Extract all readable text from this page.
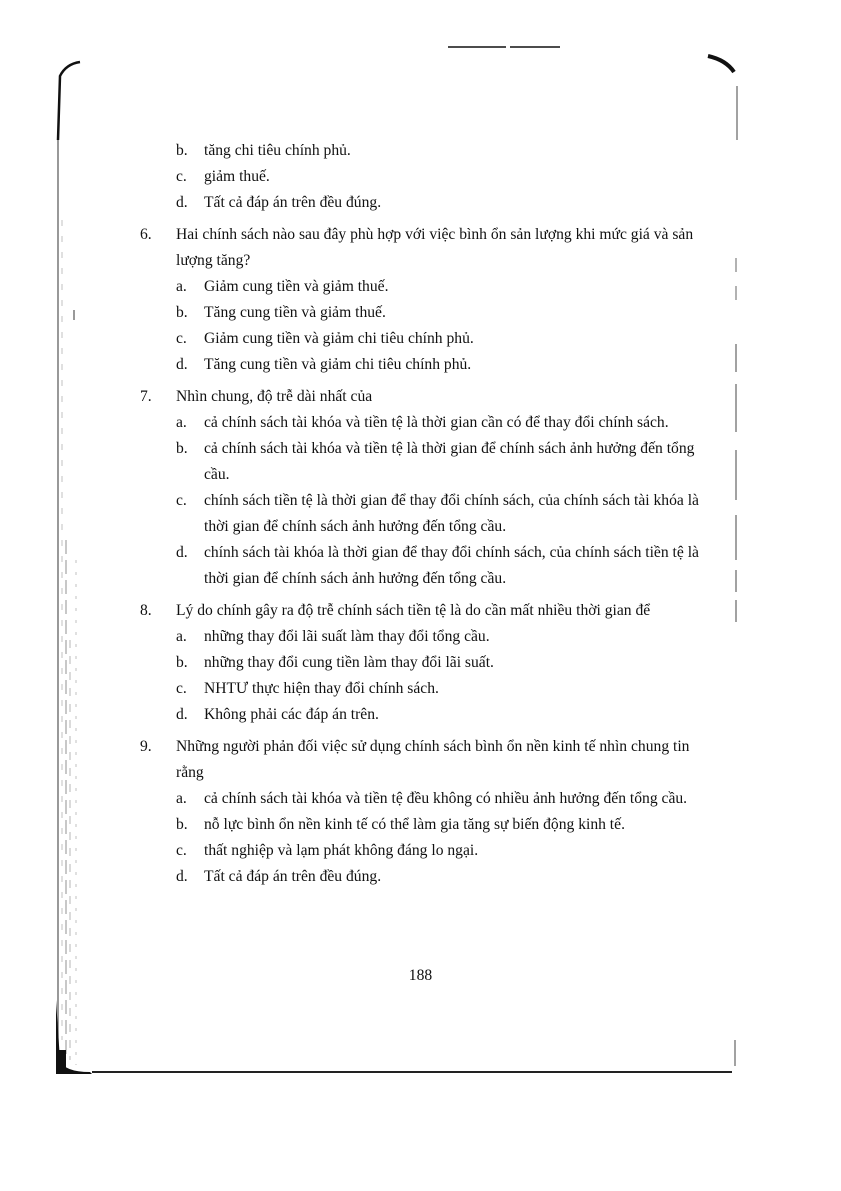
b.	tăng chi tiêu chính phủ.
c.	giảm thuế.
d.	Tất cả đáp án trên đều đúng.
6.	Hai chính sách nào sau đây phù hợp với việc bình ổn sản lượng khi mức giá và sản lượng tăng?
a.	Giảm cung tiền và giảm thuế.
b.	Tăng cung tiền và giảm thuế.
c.	Giảm cung tiền và giảm chi tiêu chính phủ.
d.	Tăng cung tiền và giảm chi tiêu chính phủ.
7.	Nhìn chung, độ trễ dài nhất của
a.	cả chính sách tài khóa và tiền tệ là thời gian cần có để thay đổi chính sách.
b.	cả chính sách tài khóa và tiền tệ là thời gian để chính sách ảnh hưởng đến tổng cầu.
c.	chính sách tiền tệ là thời gian để thay đổi chính sách, của chính sách tài khóa là thời gian để chính sách ảnh hưởng đến tổng cầu.
d.	chính sách tài khóa là thời gian để thay đổi chính sách, của chính sách tiền tệ là thời gian để chính sách ảnh hưởng đến tổng cầu.
8.	Lý do chính gây ra độ trễ chính sách tiền tệ là do cần mất nhiều thời gian để
a.	những thay đổi lãi suất làm thay đổi tổng cầu.
b.	những thay đổi cung tiền làm thay đổi lãi suất.
c.	NHTƯ thực hiện thay đổi chính sách.
d.	Không phải các đáp án trên.
9.	Những người phản đối việc sử dụng chính sách bình ổn nền kinh tế nhìn chung tin rằng
a.	cả chính sách tài khóa và tiền tệ đều không có nhiều ảnh hưởng đến tổng cầu.
b.	nỗ lực bình ổn nền kinh tế có thể làm gia tăng sự biến động kinh tế.
c.	thất nghiệp và lạm phát không đáng lo ngại.
d.	Tất cả đáp án trên đều đúng.
188
